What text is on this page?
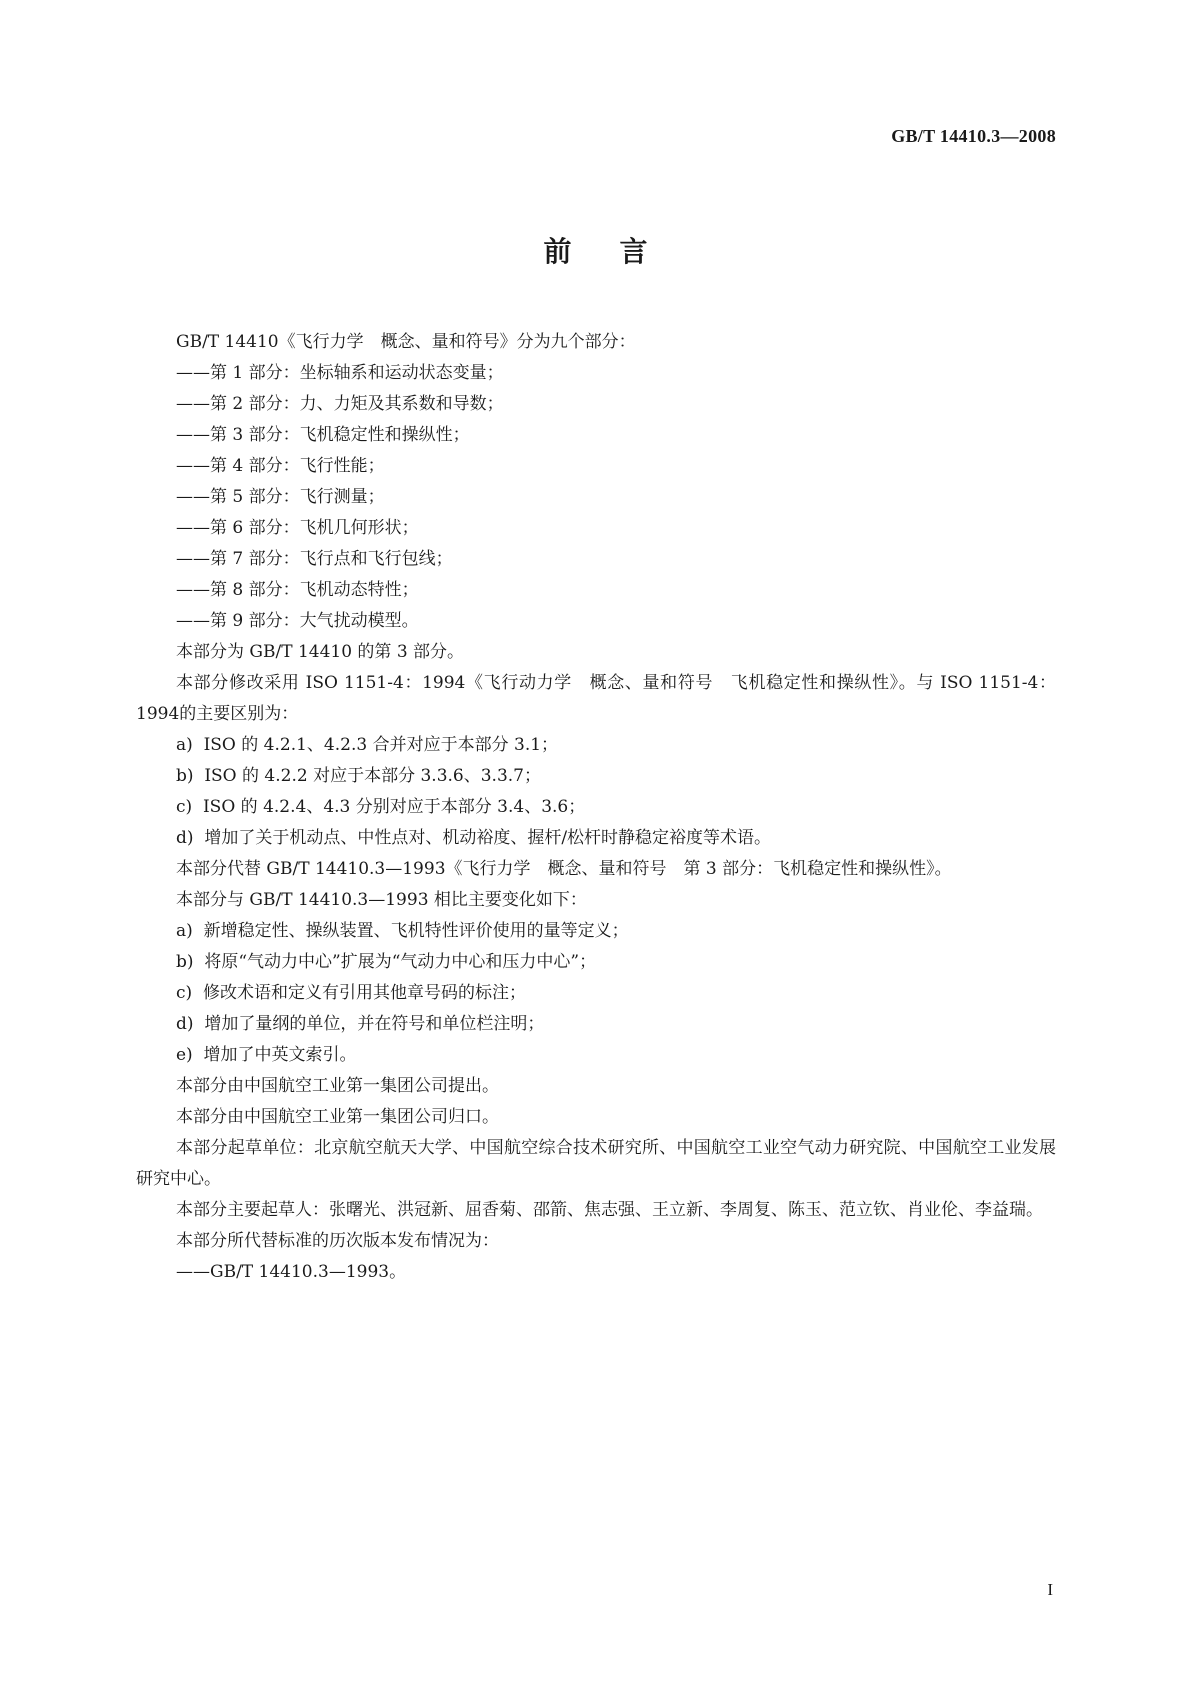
GB/T 14410.3—2008
前言
GB/T 14410《飞行力学　概念、量和符号》分为九个部分：
——第 1 部分：坐标轴系和运动状态变量；
——第 2 部分：力、力矩及其系数和导数；
——第 3 部分：飞机稳定性和操纵性；
——第 4 部分：飞行性能；
——第 5 部分：飞行测量；
——第 6 部分：飞机几何形状；
——第 7 部分：飞行点和飞行包线；
——第 8 部分：飞机动态特性；
——第 9 部分：大气扰动模型。
本部分为 GB/T 14410 的第 3 部分。
本部分修改采用 ISO 1151-4：1994《飞行动力学　概念、量和符号　飞机稳定性和操纵性》。与 ISO 1151-4：1994的主要区别为：
a)  ISO 的 4.2.1、4.2.3 合并对应于本部分 3.1；
b)  ISO 的 4.2.2 对应于本部分 3.3.6、3.3.7；
c)  ISO 的 4.2.4、4.3 分别对应于本部分 3.4、3.6；
d)  增加了关于机动点、中性点对、机动裕度、握杆/松杆时静稳定裕度等术语。
本部分代替 GB/T 14410.3—1993《飞行力学　概念、量和符号　第 3 部分：飞机稳定性和操纵性》。
本部分与 GB/T 14410.3—1993 相比主要变化如下：
a)  新增稳定性、操纵装置、飞机特性评价使用的量等定义；
b)  将原“气动力中心”扩展为“气动力中心和压力中心”；
c)  修改术语和定义有引用其他章号码的标注；
d)  增加了量纲的单位，并在符号和单位栏注明；
e)  增加了中英文索引。
本部分由中国航空工业第一集团公司提出。
本部分由中国航空工业第一集团公司归口。
本部分起草单位：北京航空航天大学、中国航空综合技术研究所、中国航空工业空气动力研究院、中国航空工业发展研究中心。
本部分主要起草人：张曙光、洪冠新、屈香菊、邵箭、焦志强、王立新、李周复、陈玉、范立钦、肖业伦、李益瑞。
本部分所代替标准的历次版本发布情况为：
——GB/T 14410.3—1993。
I
